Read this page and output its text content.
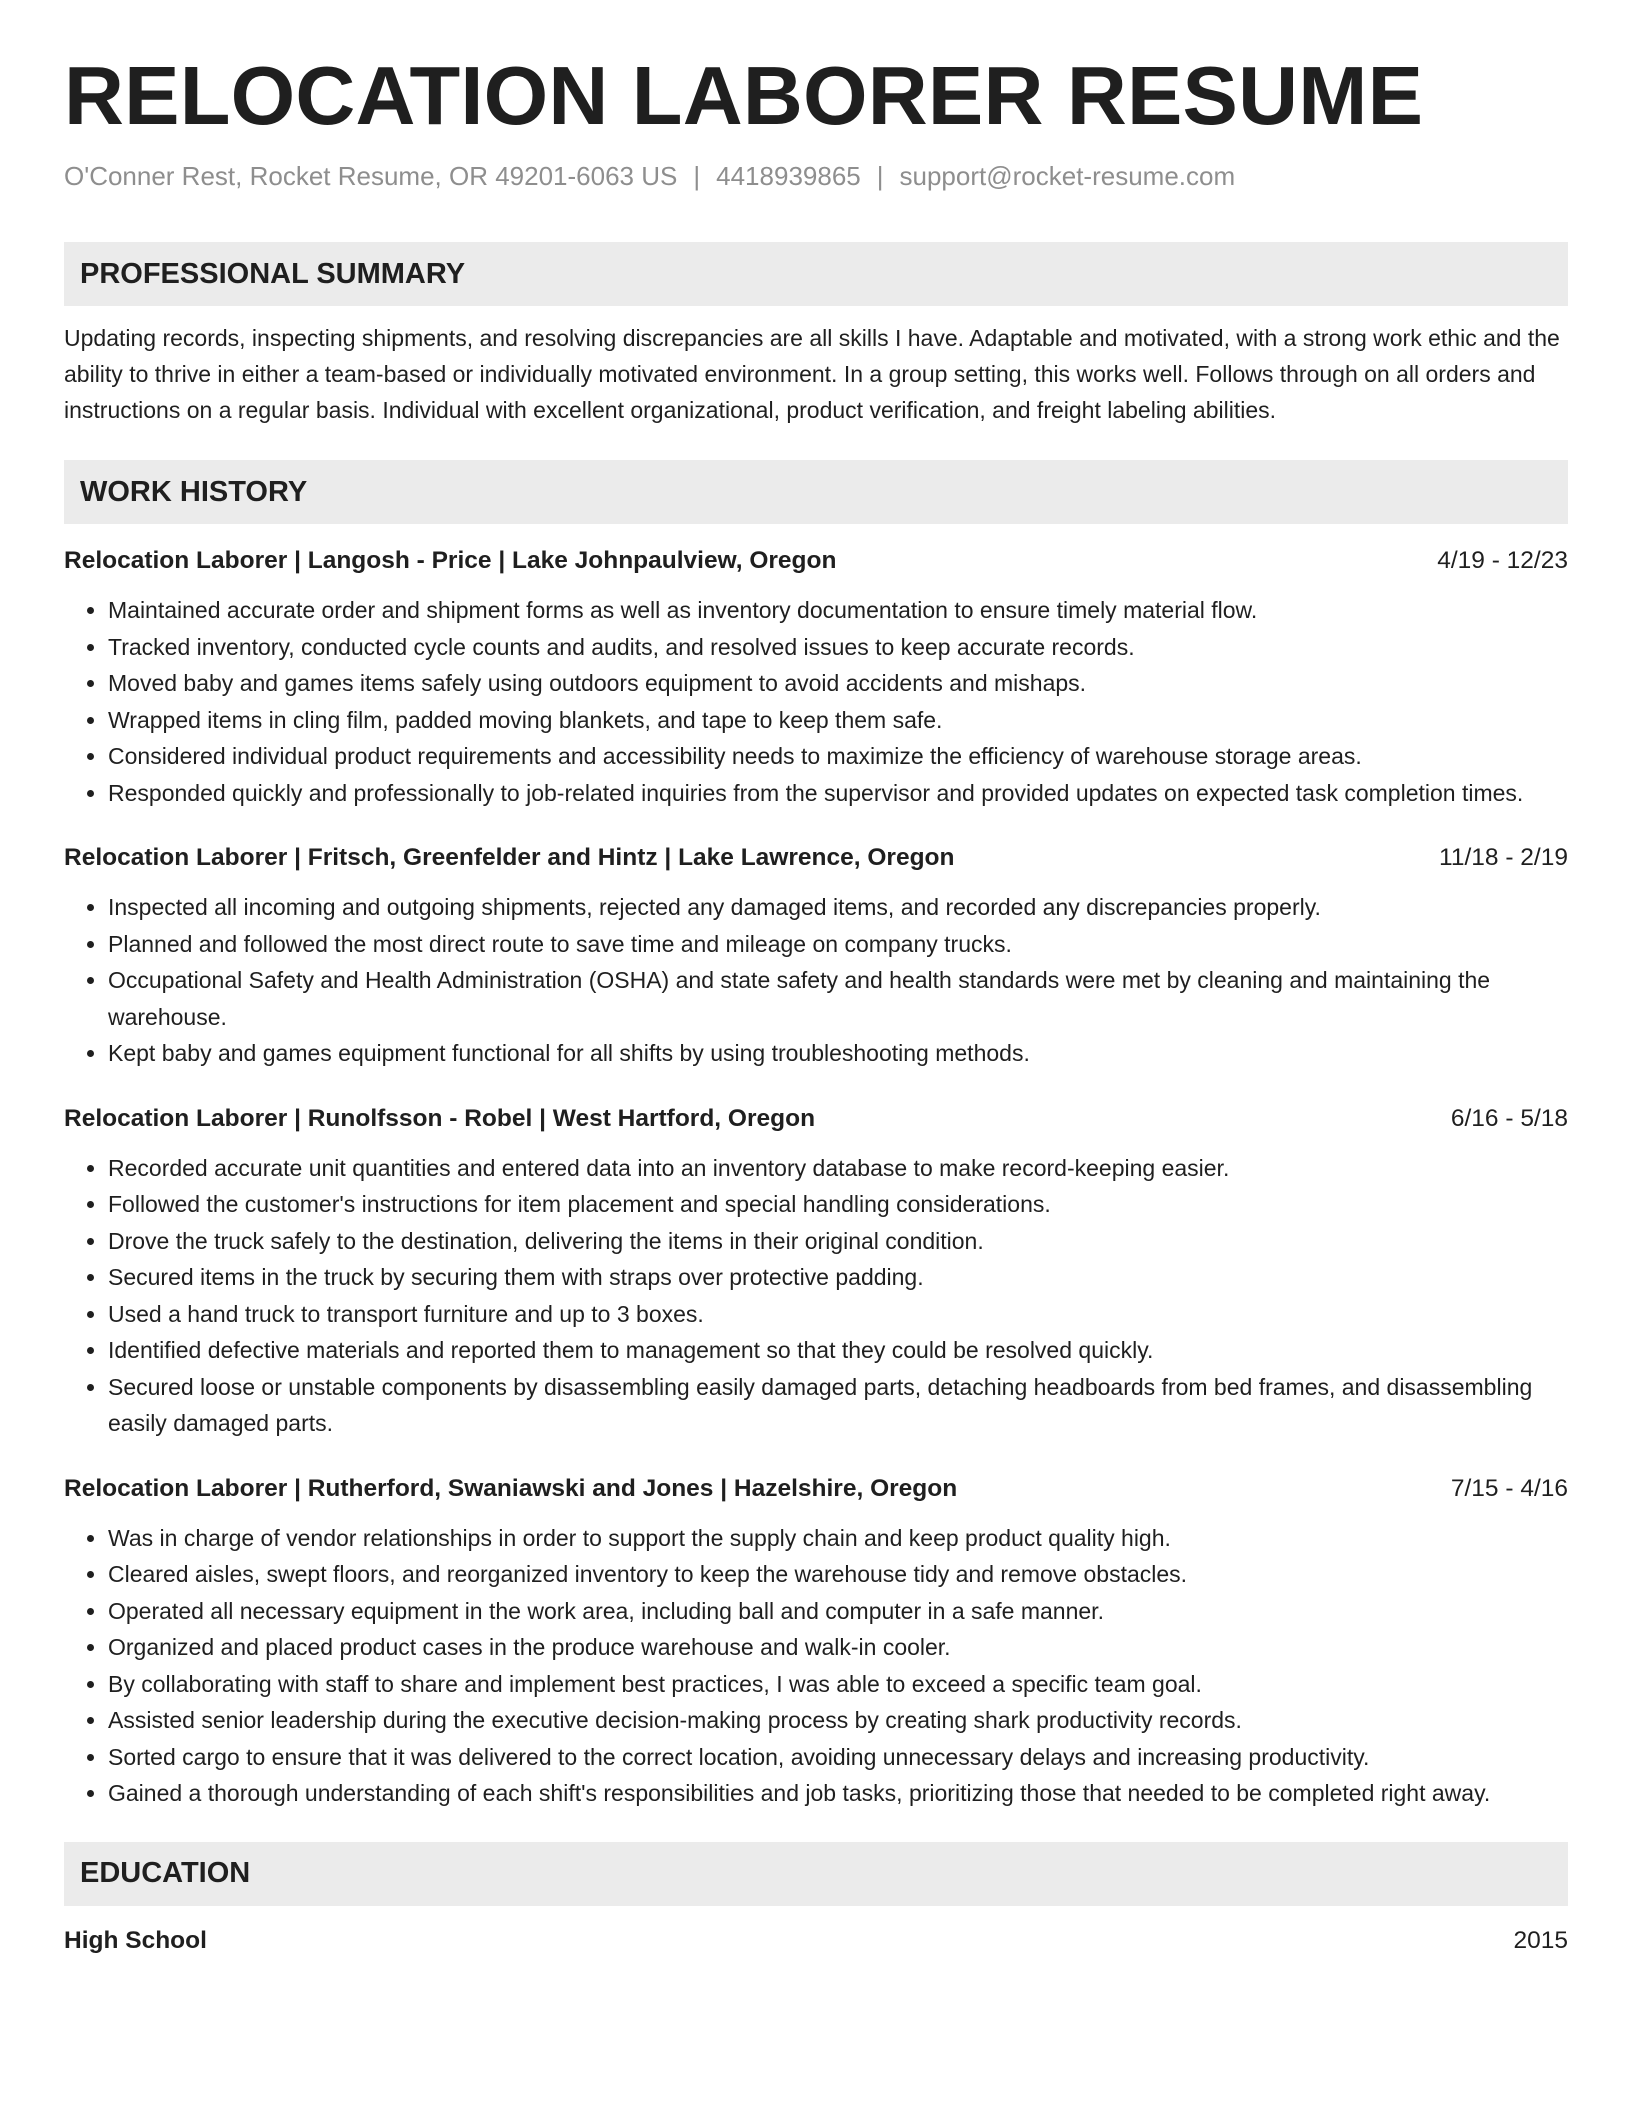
RELOCATION LABORER RESUME
O'Conner Rest, Rocket Resume, OR 49201-6063 US | 4418939865 | support@rocket-resume.com
PROFESSIONAL SUMMARY
Updating records, inspecting shipments, and resolving discrepancies are all skills I have. Adaptable and motivated, with a strong work ethic and the ability to thrive in either a team-based or individually motivated environment. In a group setting, this works well. Follows through on all orders and instructions on a regular basis. Individual with excellent organizational, product verification, and freight labeling abilities.
WORK HISTORY
Relocation Laborer | Langosh - Price | Lake Johnpaulview, Oregon	4/19 - 12/23
• Maintained accurate order and shipment forms as well as inventory documentation to ensure timely material flow.
• Tracked inventory, conducted cycle counts and audits, and resolved issues to keep accurate records.
• Moved baby and games items safely using outdoors equipment to avoid accidents and mishaps.
• Wrapped items in cling film, padded moving blankets, and tape to keep them safe.
• Considered individual product requirements and accessibility needs to maximize the efficiency of warehouse storage areas.
• Responded quickly and professionally to job-related inquiries from the supervisor and provided updates on expected task completion times.
Relocation Laborer | Fritsch, Greenfelder and Hintz | Lake Lawrence, Oregon	11/18 - 2/19
• Inspected all incoming and outgoing shipments, rejected any damaged items, and recorded any discrepancies properly.
• Planned and followed the most direct route to save time and mileage on company trucks.
• Occupational Safety and Health Administration (OSHA) and state safety and health standards were met by cleaning and maintaining the warehouse.
• Kept baby and games equipment functional for all shifts by using troubleshooting methods.
Relocation Laborer | Runolfsson - Robel | West Hartford, Oregon	6/16 - 5/18
• Recorded accurate unit quantities and entered data into an inventory database to make record-keeping easier.
• Followed the customer's instructions for item placement and special handling considerations.
• Drove the truck safely to the destination, delivering the items in their original condition.
• Secured items in the truck by securing them with straps over protective padding.
• Used a hand truck to transport furniture and up to 3 boxes.
• Identified defective materials and reported them to management so that they could be resolved quickly.
• Secured loose or unstable components by disassembling easily damaged parts, detaching headboards from bed frames, and disassembling easily damaged parts.
Relocation Laborer | Rutherford, Swaniawski and Jones | Hazelshire, Oregon	7/15 - 4/16
• Was in charge of vendor relationships in order to support the supply chain and keep product quality high.
• Cleared aisles, swept floors, and reorganized inventory to keep the warehouse tidy and remove obstacles.
• Operated all necessary equipment in the work area, including ball and computer in a safe manner.
• Organized and placed product cases in the produce warehouse and walk-in cooler.
• By collaborating with staff to share and implement best practices, I was able to exceed a specific team goal.
• Assisted senior leadership during the executive decision-making process by creating shark productivity records.
• Sorted cargo to ensure that it was delivered to the correct location, avoiding unnecessary delays and increasing productivity.
• Gained a thorough understanding of each shift's responsibilities and job tasks, prioritizing those that needed to be completed right away.
EDUCATION
High School	2015
